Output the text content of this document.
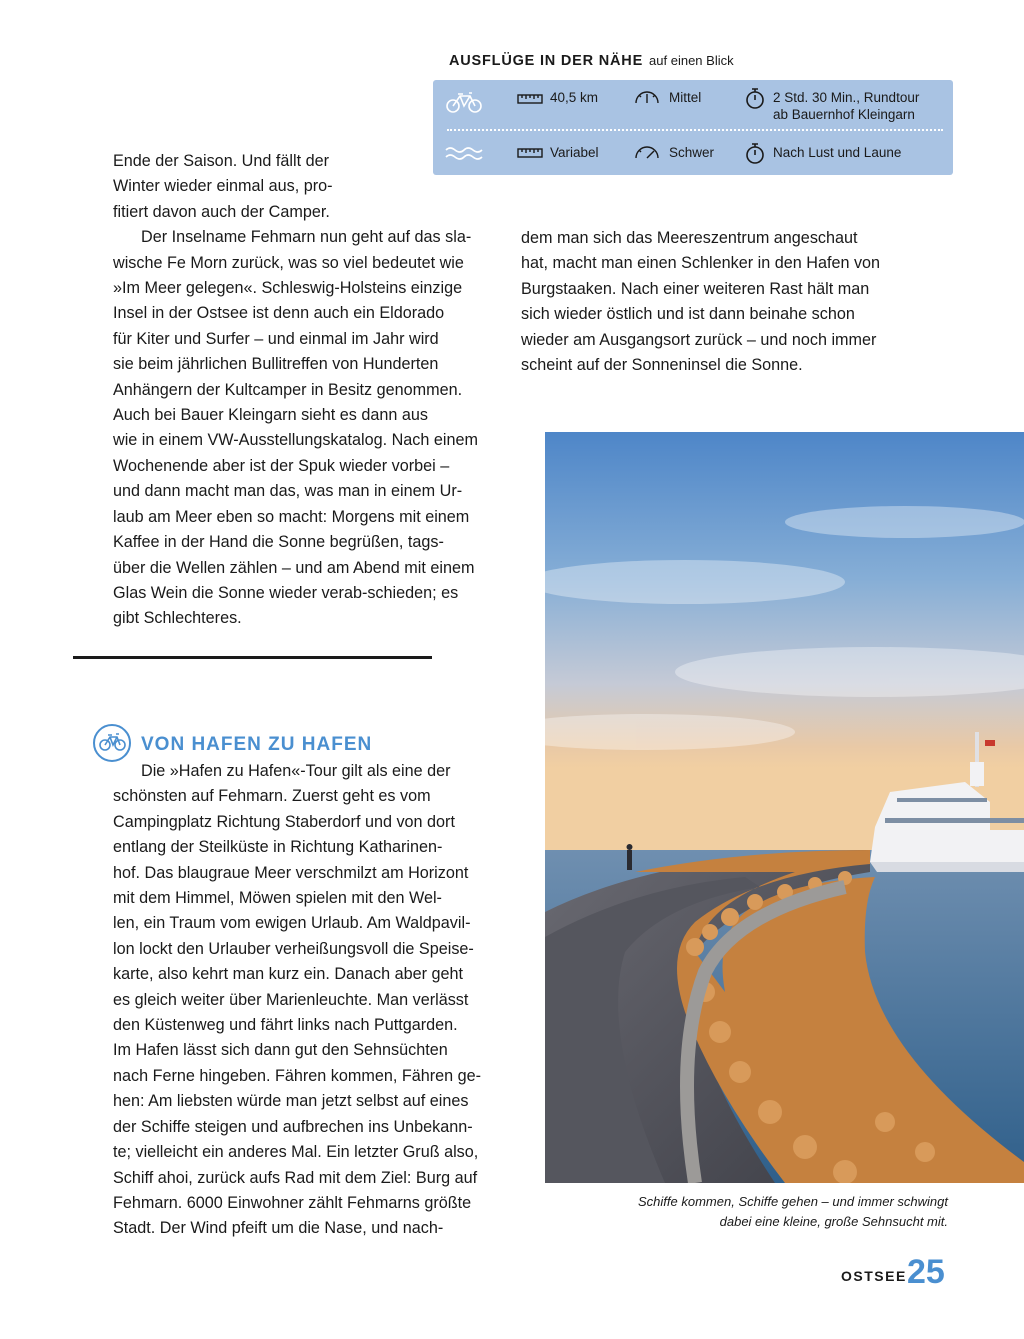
AUSFLÜGE IN DER NÄHE auf einen Blick
40,5 km	Mittel	2 Std. 30 Min., Rundtour
ab Bauernhof Kleingarn
Variabel	Schwer	Nach Lust und Laune

Ende der Saison. Und fällt der

Winter wieder einmal aus, pro-

fitiert davon auch der Camper.

Der Inselname Fehmarn nun geht auf das sla-

wische Fe Morn zurück, was so viel bedeutet wie

»Im Meer gelegen«. Schleswig-Holsteins einzige

Insel in der Ostsee ist denn auch ein Eldorado

für Kiter und Surfer – und einmal im Jahr wird

sie beim jährlichen Bullitreffen von Hunderten

Anhängern der Kultcamper in Besitz genommen.

Auch bei Bauer Kleingarn sieht es dann aus

wie in einem VW-Ausstellungskatalog. Nach einem

Wochenende aber ist der Spuk wieder vorbei –

und dann macht man das, was man in einem Ur-

laub am Meer eben so macht: Morgens mit einem

Kaffee in der Hand die Sonne begrüßen, tags-

über die Wellen zählen – und am Abend mit einem

Glas Wein die Sonne wieder verab-schieden; es

gibt Schlechteres.

dem man sich das Meereszentrum angeschaut

hat, macht man einen Schlenker in den Hafen von

Burgstaaken. Nach einer weiteren Rast hält man

sich wieder östlich und ist dann beinahe schon

wieder am Ausgangsort zurück – und noch immer

scheint auf der Sonneninsel die Sonne.

VON HAFEN ZU HAFEN

Die »Hafen zu Hafen«-Tour gilt als eine der

schönsten auf Fehmarn. Zuerst geht es vom

Campingplatz Richtung Staberdorf und von dort

entlang der Steilküste in Richtung Katharinen-

hof. Das blaugraue Meer verschmilzt am Horizont

mit dem Himmel, Möwen spielen mit den Wel-

len, ein Traum vom ewigen Urlaub. Am Waldpavil-

lon lockt den Urlauber verheißungsvoll die Speise-

karte, also kehrt man kurz ein. Danach aber geht

es gleich weiter über Marienleuchte. Man verlässt

den Küstenweg und fährt links nach Puttgarden.

Im Hafen lässt sich dann gut den Sehnsüchten

nach Ferne hingeben. Fähren kommen, Fähren ge-

hen: Am liebsten würde man jetzt selbst auf eines

der Schiffe steigen und aufbrechen ins Unbekann-

te; vielleicht ein anderes Mal. Ein letzter Gruß also,

Schiff ahoi, zurück aufs Rad mit dem Ziel: Burg auf

Fehmarn. 6000 Einwohner zählt Fehmarns größte

Stadt. Der Wind pfeift um die Nase, und nach-

Schiffe kommen, Schiffe gehen – und immer schwingt
dabei eine kleine, große Sehnsucht mit.
OSTSEE 25
